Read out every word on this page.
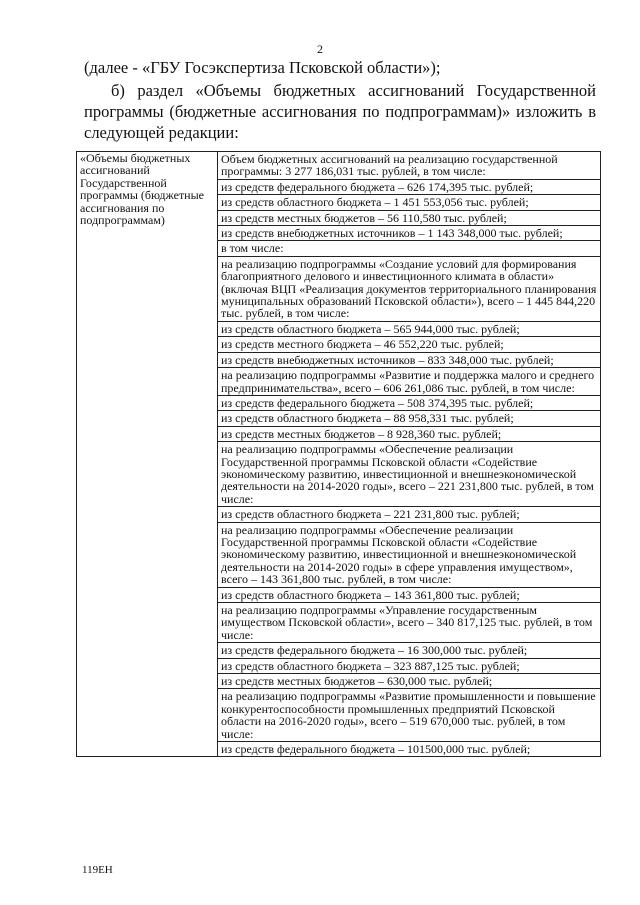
2

(далее - «ГБУ Госэкспертиза Псковской области»);

б) раздел «Объемы бюджетных ассигнований Государственной программы (бюджетные ассигнования по подпрограммам)» изложить в следующей редакции:

«Объемы бюджетных ассигнований Государственной программы (бюджетные ассигнования по подпрограммам)	
Объем бюджетных ассигнований на реализацию государственной программы: 3 277 186,031 тыс. рублей, в том числе:
из средств федерального бюджета – 626 174,395 тыс. рублей;
из средств областного бюджета – 1 451 553,056 тыс. рублей;
из средств местных бюджетов – 56 110,580 тыс. рублей;
из средств внебюджетных источников – 1 143 348,000 тыс. рублей;
в том числе:
на реализацию подпрограммы «Создание условий для формирования благоприятного делового и инвестиционного климата в области» (включая ВЦП «Реализация документов территориального планирования муниципальных образований Псковской области»), всего – 1 445 844,220 тыс. рублей, в том числе:
из средств областного бюджета – 565 944,000 тыс. рублей;
из средств местного бюджета – 46 552,220 тыс. рублей;
из средств внебюджетных источников – 833 348,000 тыс. рублей;
на реализацию подпрограммы «Развитие и поддержка малого и среднего предпринимательства», всего – 606 261,086 тыс. рублей, в том числе:
из средств федерального бюджета – 508 374,395 тыс. рублей;
из средств областного бюджета – 88 958,331 тыс. рублей;
из средств местных бюджетов – 8 928,360 тыс. рублей;
на реализацию подпрограммы «Обеспечение реализации Государственной программы Псковской области «Содействие экономическому развитию, инвестиционной и внешнеэкономической деятельности на 2014-2020 годы», всего – 221 231,800 тыс. рублей, в том числе:
из средств областного бюджета – 221 231,800 тыс. рублей;
на реализацию подпрограммы «Обеспечение реализации Государственной программы Псковской области «Содействие экономическому развитию, инвестиционной и внешнеэкономической деятельности на 2014-2020 годы» в сфере управления имуществом», всего – 143 361,800 тыс. рублей, в том числе:
из средств областного бюджета – 143 361,800 тыс. рублей;
на реализацию подпрограммы «Управление государственным имуществом Псковской области», всего – 340 817,125 тыс. рублей, в том числе:
из средств федерального бюджета – 16 300,000 тыс. рублей;
из средств областного бюджета – 323 887,125 тыс. рублей;
из средств местных бюджетов – 630,000 тыс. рублей;
на реализацию подпрограммы «Развитие промышленности и повышение конкурентоспособности промышленных предприятий Псковской области на 2016-2020 годы», всего – 519 670,000 тыс. рублей, в том числе:
из средств федерального бюджета – 101500,000 тыс. рублей;
119ЕН
